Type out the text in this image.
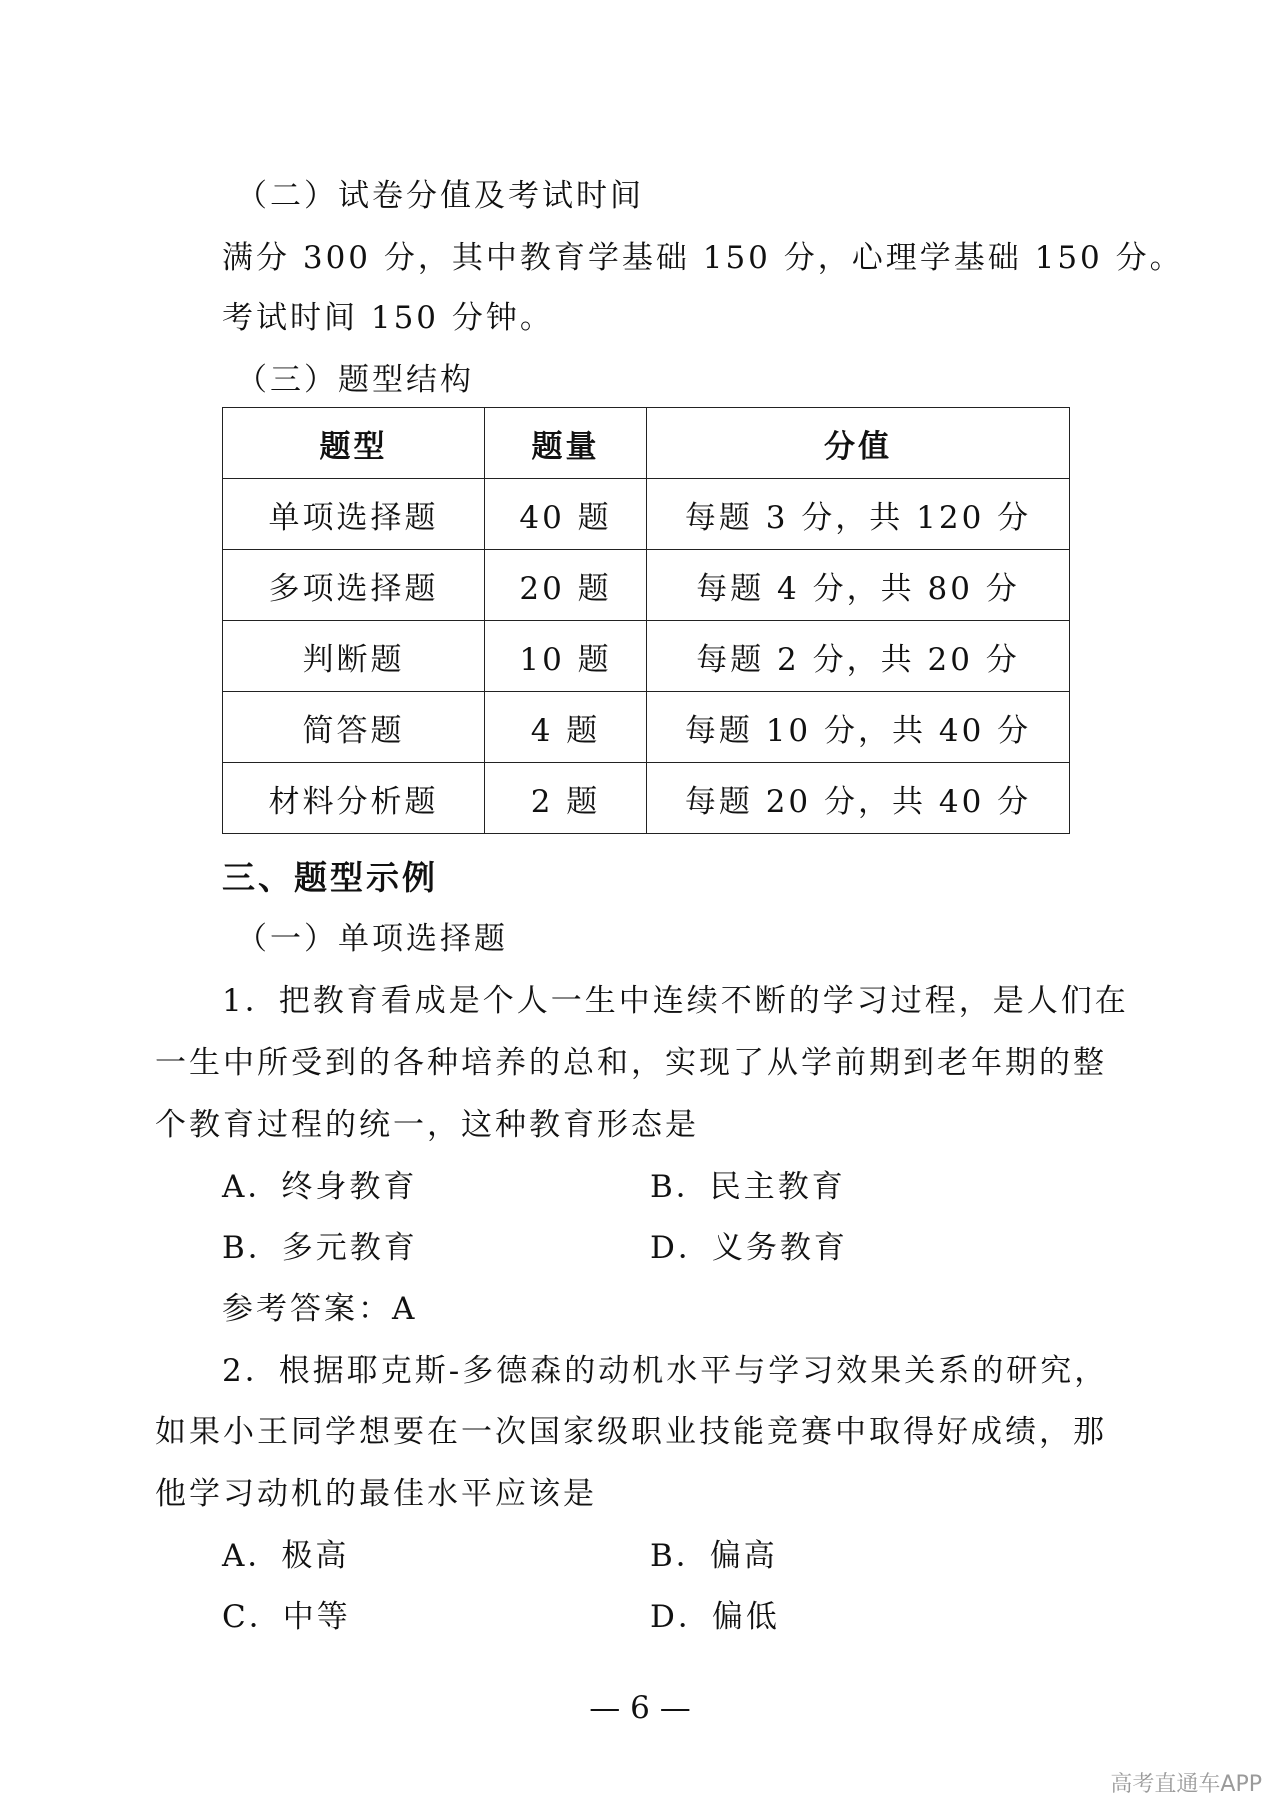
（二）试卷分值及考试时间
满分 300 分，其中教育学基础 150 分，心理学基础 150 分。
考试时间 150 分钟。
（三）题型结构
题型	题量	分值
单项选择题	40 题	每题 3 分，共 120 分
多项选择题	20 题	每题 4 分，共 80 分
判断题	10 题	每题 2 分，共 20 分
简答题	4 题	每题 10 分，共 40 分
材料分析题	2 题	每题 20 分，共 40 分
三、题型示例
（一）单项选择题
1．把教育看成是个人一生中连续不断的学习过程，是人们在
一生中所受到的各种培养的总和，实现了从学前期到老年期的整
个教育过程的统一，这种教育形态是
A．终身教育	B．民主教育
B．多元教育	D．义务教育
参考答案：A
2．根据耶克斯-多德森的动机水平与学习效果关系的研究，
如果小王同学想要在一次国家级职业技能竞赛中取得好成绩，那
他学习动机的最佳水平应该是
A．极高	B．偏高
C．中等	D．偏低
— 6 —
高考直通车APP
